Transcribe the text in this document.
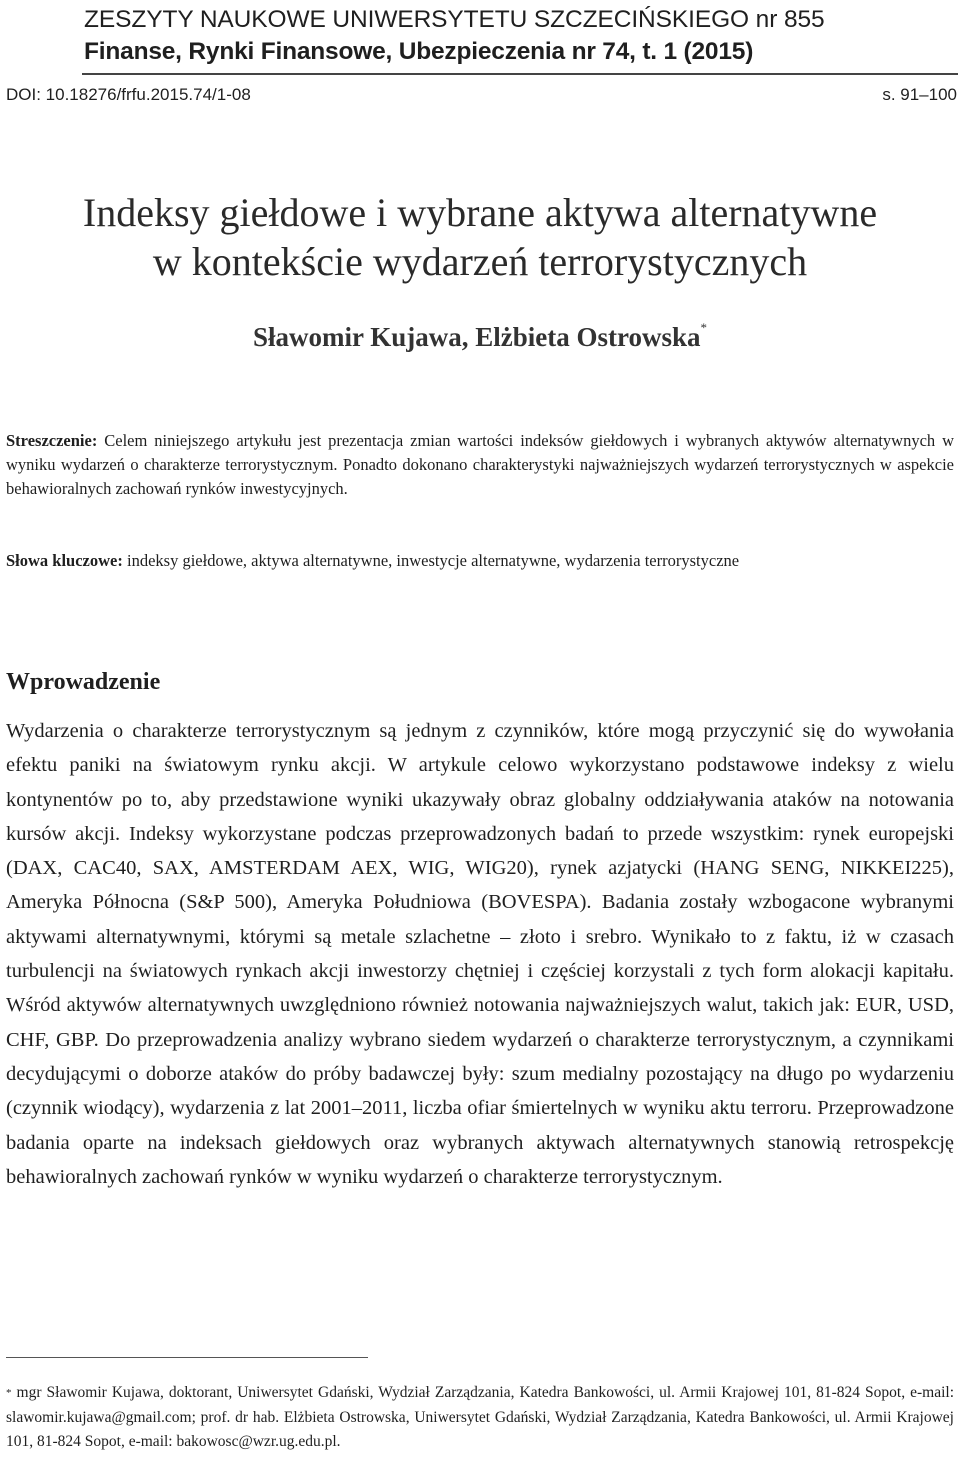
ZESZYTY NAUKOWE UNIWERSYTETU SZCZECIŃSKIEGO nr 855
Finanse, Rynki Finansowe, Ubezpieczenia nr 74, t. 1 (2015)
DOI: 10.18276/frfu.2015.74/1-08	s. 91–100
Indeksy giełdowe i wybrane aktywa alternatywne
w kontekście wydarzeń terrorystycznych
Sławomir Kujawa, Elżbieta Ostrowska*
Streszczenie: Celem niniejszego artykułu jest prezentacja zmian wartości indeksów giełdowych i wybranych aktywów alternatywnych w wyniku wydarzeń o charakterze terrorystycznym. Ponadto dokonano charakterystyki najważniejszych wydarzeń terrorystycznych w aspekcie behawioralnych zachowań rynków inwestycyjnych.
Słowa kluczowe: indeksy giełdowe, aktywa alternatywne, inwestycje alternatywne, wydarzenia terrorystyczne
Wprowadzenie
Wydarzenia o charakterze terrorystycznym są jednym z czynników, które mogą przyczynić się do wywołania efektu paniki na światowym rynku akcji. W artykule celowo wykorzystano podstawowe indeksy z wielu kontynentów po to, aby przedstawione wyniki ukazywały obraz globalny oddziaływania ataków na notowania kursów akcji. Indeksy wykorzystane podczas przeprowadzonych badań to przede wszystkim: rynek europejski (DAX, CAC40, SAX, AMSTERDAM AEX, WIG, WIG20), rynek azjatycki (HANG SENG, NIKKEI225), Ameryka Północna (S&P 500), Ameryka Południowa (BOVESPA). Badania zostały wzbogacone wybranymi aktywami alternatywnymi, którymi są metale szlachetne – złoto i srebro. Wynikało to z faktu, iż w czasach turbulencji na światowych rynkach akcji inwestorzy chętniej i częściej korzystali z tych form alokacji kapitału. Wśród aktywów alternatywnych uwzględniono również notowania najważniejszych walut, takich jak: EUR, USD, CHF, GBP. Do przeprowadzenia analizy wybrano siedem wydarzeń o charakterze terrorystycznym, a czynnikami decydującymi o doborze ataków do próby badawczej były: szum medialny pozostający na długo po wydarzeniu (czynnik wiodący), wydarzenia z lat 2001–2011, liczba ofiar śmiertelnych w wyniku aktu terroru. Przeprowadzone badania oparte na indeksach giełdowych oraz wybranych aktywach alternatywnych stanowią retrospekcję behawioralnych zachowań rynków w wyniku wydarzeń o charakterze terrorystycznym.
* mgr Sławomir Kujawa, doktorant, Uniwersytet Gdański, Wydział Zarządzania, Katedra Bankowości, ul. Armii Krajowej 101, 81-824 Sopot, e-mail: slawomir.kujawa@gmail.com; prof. dr hab. Elżbieta Ostrowska, Uniwersytet Gdański, Wydział Zarządzania, Katedra Bankowości, ul. Armii Krajowej 101, 81-824 Sopot, e-mail: bakowosc@wzr.ug.edu.pl.
